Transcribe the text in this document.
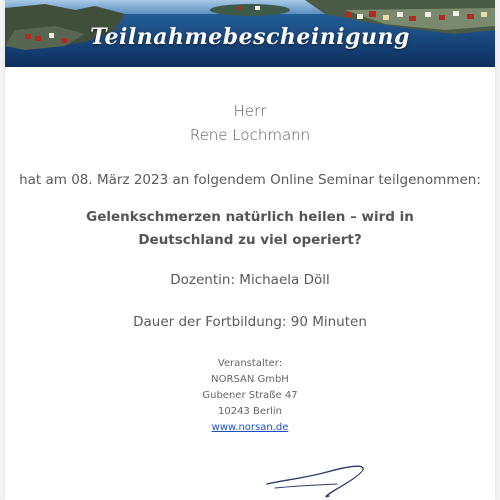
Teilnahmebescheinigung
Herr
Rene Lochmann
hat am 08. März 2023 an folgendem Online Seminar teilgenommen:
Gelenkschmerzen natürlich heilen – wird in Deutschland zu viel operiert?
Dozentin: Michaela Döll
Dauer der Fortbildung: 90 Minuten
Veranstalter:
NORSAN GmbH
Gubener Straße 47
10243 Berlin
www.norsan.de
